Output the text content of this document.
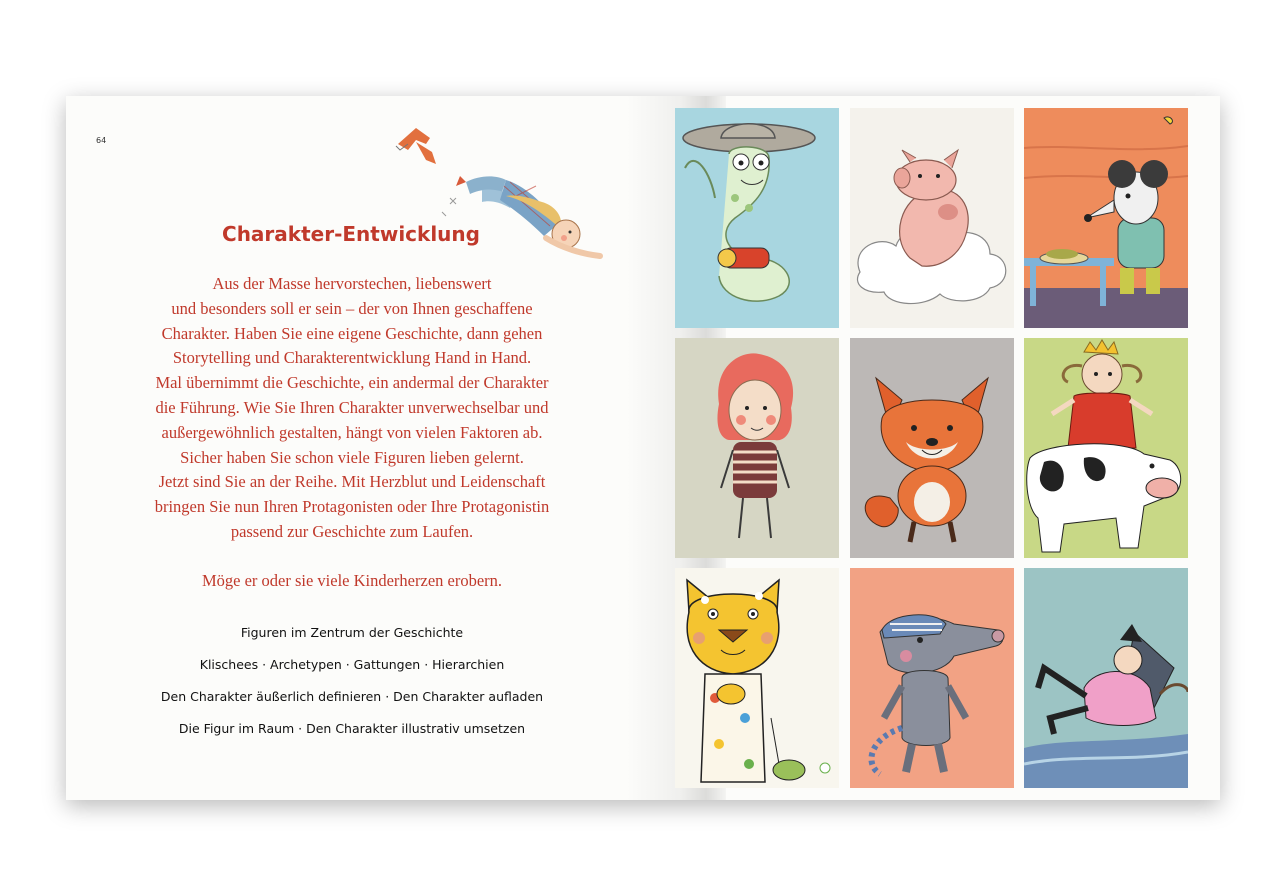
64
Charakter-Entwicklung

Aus der Masse hervorstechen, liebenswert

und besonders soll er sein – der von Ihnen geschaffene

Charakter. Haben Sie eine eigene Geschichte, dann gehen

Storytelling und Charakterentwicklung Hand in Hand.

Mal übernimmt die Geschichte, ein andermal der Charakter

die Führung. Wie Sie Ihren Charakter unverwechselbar und

außergewöhnlich gestalten, hängt von vielen Faktoren ab.

Sicher haben Sie schon viele Figuren lieben gelernt.

Jetzt sind Sie an der Reihe. Mit Herzblut und Leidenschaft

bringen Sie nun Ihren Protagonisten oder Ihre Protagonistin

passend zur Geschichte zum Laufen.

Möge er oder sie viele Kinderherzen erobern.

Figuren im Zentrum der Geschichte
Klischees · Archetypen · Gattungen · Hierarchien
Den Charakter äußerlich definieren · Den Charakter aufladen
Die Figur im Raum · Den Charakter illustrativ umsetzen
